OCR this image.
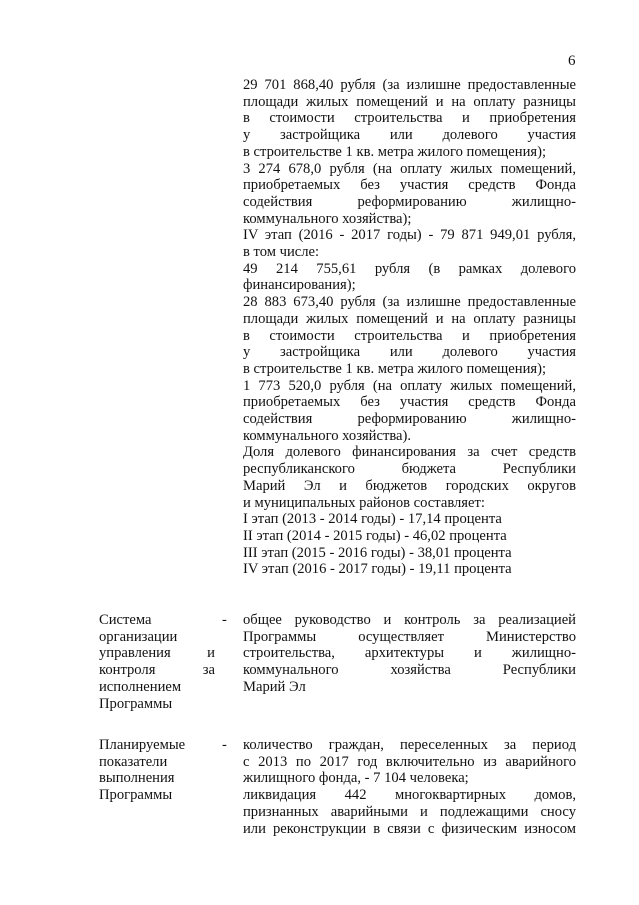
6

29 701 868,40 рубля (за излишне предоставленные

площади жилых помещений и на оплату разницы

в стоимости строительства и приобретения

у застройщика или долевого участия

в строительстве 1 кв. метра жилого помещения);

3 274 678,0 рубля (на оплату жилых помещений,

приобретаемых без участия средств Фонда

содействия реформированию жилищно-

коммунального хозяйства);

IV этап (2016 - 2017 годы) - 79 871 949,01 рубля,

в том числе:

49 214 755,61 рубля (в рамках долевого

финансирования);

28 883 673,40 рубля (за излишне предоставленные

площади жилых помещений и на оплату разницы

в стоимости строительства и приобретения

у застройщика или долевого участия

в строительстве 1 кв. метра жилого помещения);

1 773 520,0 рубля (на оплату жилых помещений,

приобретаемых без участия средств Фонда

содействия реформированию жилищно-

коммунального хозяйства).

Доля долевого финансирования за счет средств

республиканского бюджета Республики

Марий Эл и бюджетов городских округов

и муниципальных районов составляет:

I этап (2013 - 2014 годы) - 17,14 процента

II этап (2014 - 2015 годы) - 46,02 процента

III этап (2015 - 2016 годы) - 38,01 процента

IV этап (2016 - 2017 годы) - 19,11 процента

Система

организации

управления и

контроля за

исполнением

Программы

- общее руководство и контроль за реализацией

Программы осуществляет Министерство

строительства, архитектуры и жилищно-

коммунального хозяйства Республики

Марий Эл

Планируемые

показатели

выполнения

Программы

- количество граждан, переселенных за период

с 2013 по 2017 год включительно из аварийного

жилищного фонда, - 7 104 человека;

ликвидация 442 многоквартирных домов,

признанных аварийными и подлежащими сносу

или реконструкции в связи с физическим износом
